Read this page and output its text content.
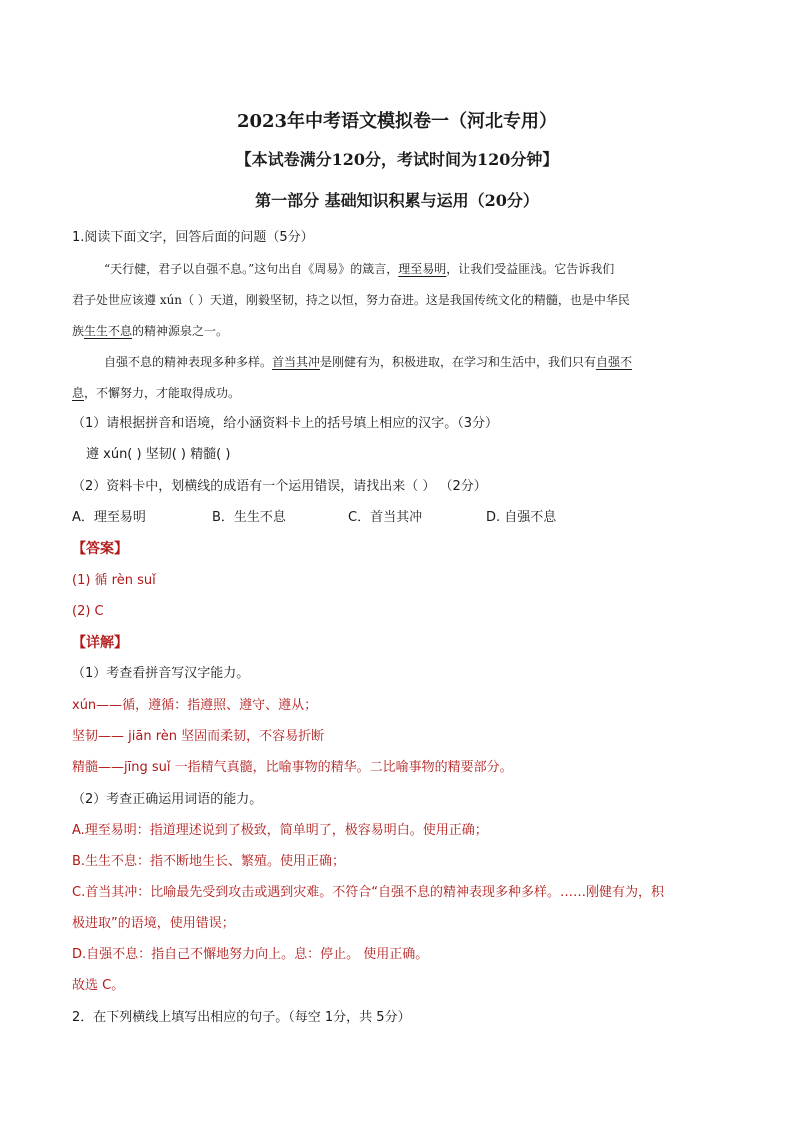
2023年中考语文模拟卷一（河北专用）
【本试卷满分120分，考试时间为120分钟】
第一部分 基础知识积累与运用（20分）
1.阅读下面文字，回答后面的问题（5分）
“天行健，君子以自强不息。”这句出自《周易》的箴言，理至易明，让我们受益匪浅。它告诉我们
君子处世应该遵 xún（ ）天道，刚毅坚韧，持之以恒，努力奋进。这是我国传统文化的精髓，也是中华民
族生生不息的精神源泉之一。
自强不息的精神表现多种多样。首当其冲是刚健有为，积极进取，在学习和生活中，我们只有自强不
息，不懈努力，才能取得成功。
（1）请根据拼音和语境，给小涵资料卡上的括号填上相应的汉字。（3分）
遵 xún( ) 坚韧( ) 精髓( )
（2）资料卡中，划横线的成语有一个运用错误，请找出来（ ） （2分）
A．理至易明	B．生生不息	C．首当其冲	D. 自强不息
【答案】
(1) 循 rèn suǐ
(2) C
【详解】
（1）考查看拼音写汉字能力。
xún——循，遵循：指遵照、遵守、遵从；
坚韧—— jiān rèn 坚固而柔韧，不容易折断
精髓——jīng suǐ 一指精气真髓，比喻事物的精华。二比喻事物的精要部分。
（2）考查正确运用词语的能力。
A.理至易明：指道理述说到了极致，简单明了，极容易明白。使用正确；
B.生生不息：指不断地生长、繁殖。使用正确；
C.首当其冲：比喻最先受到攻击或遇到灾难。不符合“自强不息的精神表现多种多样。……刚健有为，积
极进取”的语境，使用错误；
D.自强不息：指自己不懈地努力向上。息：停止。 使用正确。
故选 C。
2．在下列横线上填写出相应的句子。（每空 1分，共 5分）
